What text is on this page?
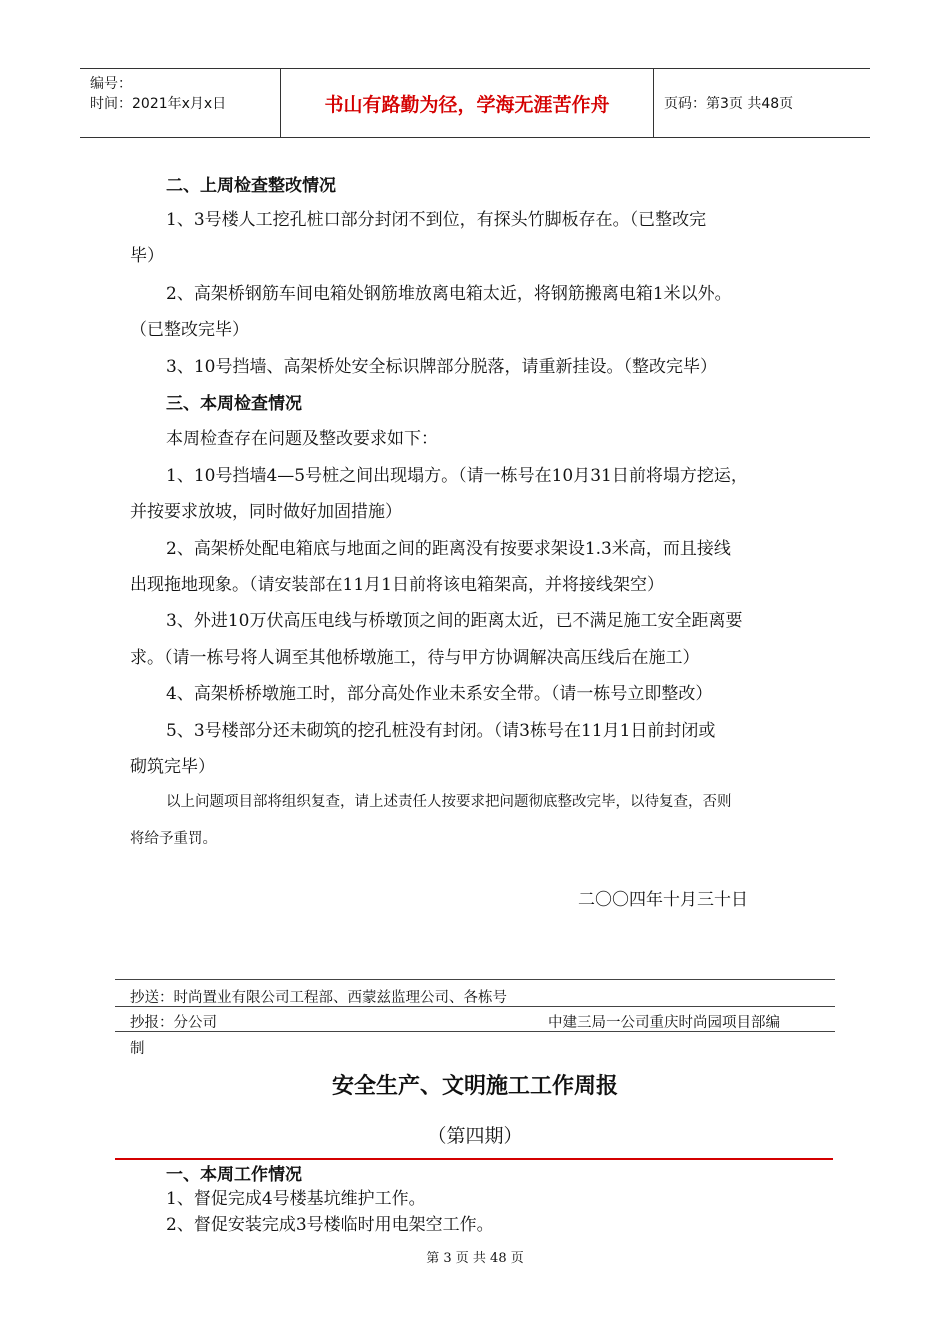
编号：
时间：2021年x月x日	书山有路勤为径，学海无涯苦作舟	页码：第3页 共48页
二、上周检查整改情况
1、3号楼人工挖孔桩口部分封闭不到位，有探头竹脚板存在。（已整改完
毕）
2、高架桥钢筋车间电箱处钢筋堆放离电箱太近，将钢筋搬离电箱1米以外。
（已整改完毕）
3、10号挡墙、高架桥处安全标识牌部分脱落，请重新挂设。（整改完毕）
三、本周检查情况
本周检查存在问题及整改要求如下：
1、10号挡墙4—5号桩之间出现塌方。（请一栋号在10月31日前将塌方挖运，
并按要求放坡，同时做好加固措施）
2、高架桥处配电箱底与地面之间的距离没有按要求架设1.3米高，而且接线
出现拖地现象。（请安装部在11月1日前将该电箱架高，并将接线架空）
3、外进10万伏高压电线与桥墩顶之间的距离太近，已不满足施工安全距离要
求。（请一栋号将人调至其他桥墩施工，待与甲方协调解决高压线后在施工）
4、高架桥桥墩施工时，部分高处作业未系安全带。（请一栋号立即整改）
5、3号楼部分还未砌筑的挖孔桩没有封闭。（请3栋号在11月1日前封闭或
砌筑完毕）
以上问题项目部将组织复查，请上述责任人按要求把问题彻底整改完毕，以待复查，否则
将给予重罚。
二〇〇四年十月三十日
抄送：时尚置业有限公司工程部、西蒙兹监理公司、各栋号
抄报：分公司	中建三局一公司重庆时尚园项目部编
制
安全生产、文明施工工作周报
（第四期）
一、本周工作情况
1、督促完成4号楼基坑维护工作。
2、督促安装完成3号楼临时用电架空工作。
第 3 页 共 48 页
